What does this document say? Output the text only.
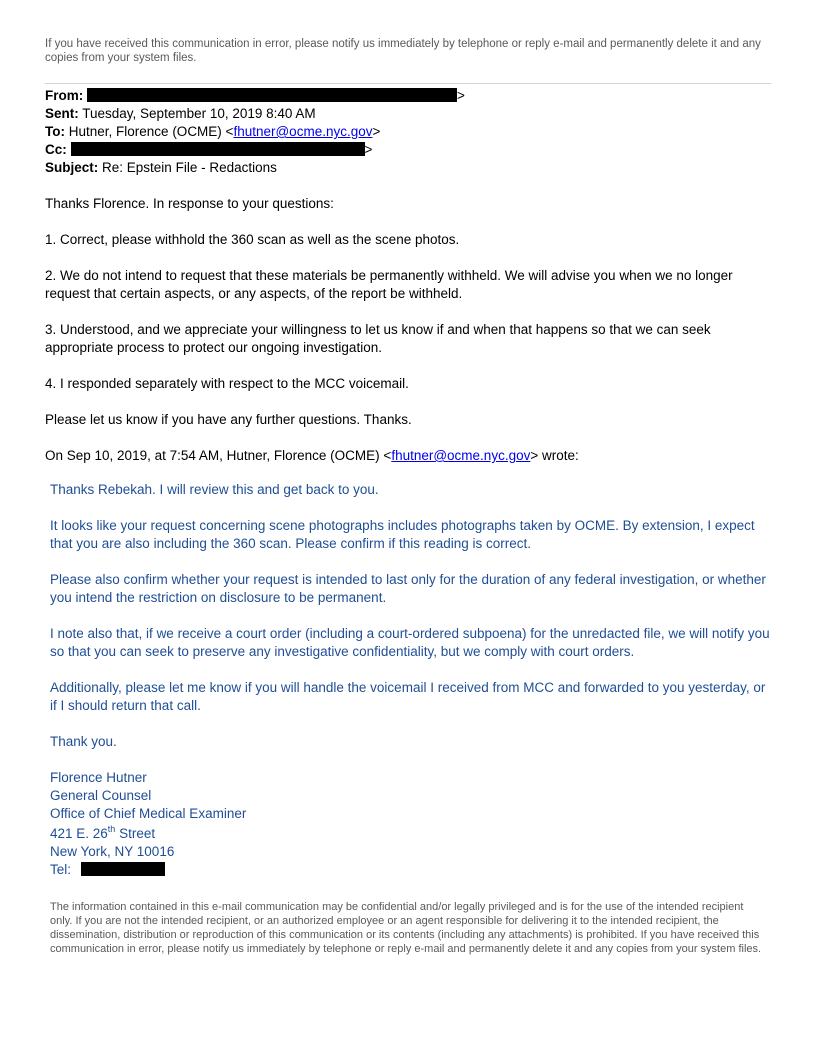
If you have received this communication in error, please notify us immediately by telephone or reply e-mail and permanently delete it and any copies from your system files.
From:	>
Sent: Tuesday, September 10, 2019 8:40 AM
To: Hutner, Florence (OCME) <fhutner@ocme.nyc.gov>
Cc:	>
Subject: Re: Epstein File - Redactions

Thanks Florence. In response to your questions:

1. Correct, please withhold the 360 scan as well as the scene photos.

2. We do not intend to request that these materials be permanently withheld. We will advise you when we no longer request that certain aspects, or any aspects, of the report be withheld.

3. Understood, and we appreciate your willingness to let us know if and when that happens so that we can seek appropriate process to protect our ongoing investigation.

4. I responded separately with respect to the MCC voicemail.

Please let us know if you have any further questions. Thanks.

On Sep 10, 2019, at 7:54 AM, Hutner, Florence (OCME) <fhutner@ocme.nyc.gov> wrote:

Thanks Rebekah. I will review this and get back to you.

It looks like your request concerning scene photographs includes photographs taken by OCME. By extension, I expect that you are also including the 360 scan. Please confirm if this reading is correct.

Please also confirm whether your request is intended to last only for the duration of any federal investigation, or whether you intend the restriction on disclosure to be permanent.

I note also that, if we receive a court order (including a court-ordered subpoena) for the unredacted file, we will notify you so that you can seek to preserve any investigative confidentiality, but we comply with court orders.

Additionally, please let me know if you will handle the voicemail I received from MCC and forwarded to you yesterday, or if I should return that call.

Thank you.

Florence Hutner
General Counsel
Office of Chief Medical Examiner
421 E. 26th Street
New York, NY 10016
Tel:
The information contained in this e-mail communication may be confidential and/or legally privileged and is for the use of the intended recipient only. If you are not the intended recipient, or an authorized employee or an agent responsible for delivering it to the intended recipient, the dissemination, distribution or reproduction of this communication or its contents (including any attachments) is prohibited. If you have received this communication in error, please notify us immediately by telephone or reply e-mail and permanently delete it and any copies from your system files.
